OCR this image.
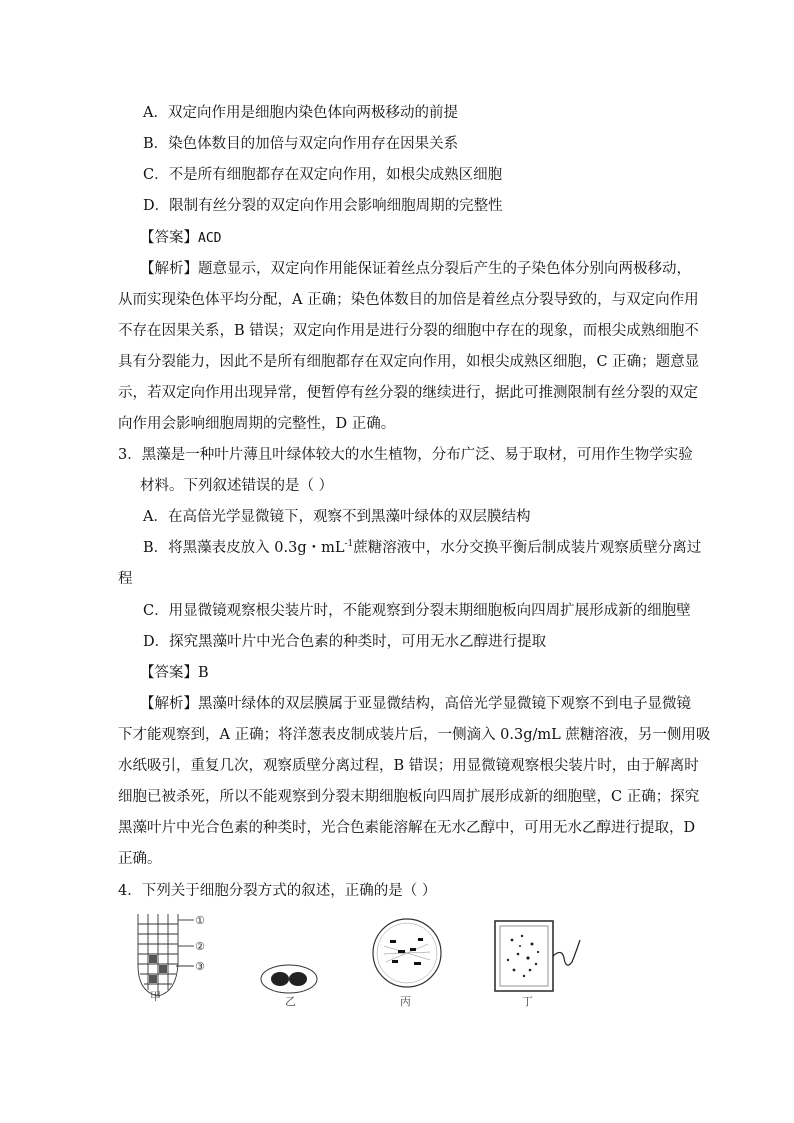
A．双定向作用是细胞内染色体向两极移动的前提
B．染色体数目的加倍与双定向作用存在因果关系
C．不是所有细胞都存在双定向作用，如根尖成熟区细胞
D．限制有丝分裂的双定向作用会影响细胞周期的完整性
【答案】ACD
【解析】题意显示，双定向作用能保证着丝点分裂后产生的子染色体分别向两极移动，
从而实现染色体平均分配，A 正确；染色体数目的加倍是着丝点分裂导致的，与双定向作用
不存在因果关系，B 错误；双定向作用是进行分裂的细胞中存在的现象，而根尖成熟细胞不
具有分裂能力，因此不是所有细胞都存在双定向作用，如根尖成熟区细胞，C 正确；题意显
示，若双定向作用出现异常，便暂停有丝分裂的继续进行，据此可推测限制有丝分裂的双定
向作用会影响细胞周期的完整性，D 正确。
3．黑藻是一种叶片薄且叶绿体较大的水生植物，分布广泛、易于取材，可用作生物学实验
材料。下列叙述错误的是（ ）
A．在高倍光学显微镜下，观察不到黑藻叶绿体的双层膜结构
B．将黑藻表皮放入 0.3g・$mL^{-1}$蔗糖溶液中，水分交换平衡后制成装片观察质壁分离过
程
C．用显微镜观察根尖装片时，不能观察到分裂末期细胞板向四周扩展形成新的细胞壁
D．探究黑藻叶片中光合色素的种类时，可用无水乙醇进行提取
【答案】B
【解析】黑藻叶绿体的双层膜属于亚显微结构，高倍光学显微镜下观察不到电子显微镜
下才能观察到，A 正确；将洋葱表皮制成装片后，一侧滴入 0.3g/mL 蔗糖溶液，另一侧用吸
水纸吸引，重复几次，观察质壁分离过程，B 错误；用显微镜观察根尖装片时，由于解离时
细胞已被杀死，所以不能观察到分裂末期细胞板向四周扩展形成新的细胞壁，C 正确；探究
黑藻叶片中光合色素的种类时，光合色素能溶解在无水乙醇中，可用无水乙醇进行提取，D
正确。
4．下列关于细胞分裂方式的叙述，正确的是（ ）
①
②
③
甲	乙	丙	丁
